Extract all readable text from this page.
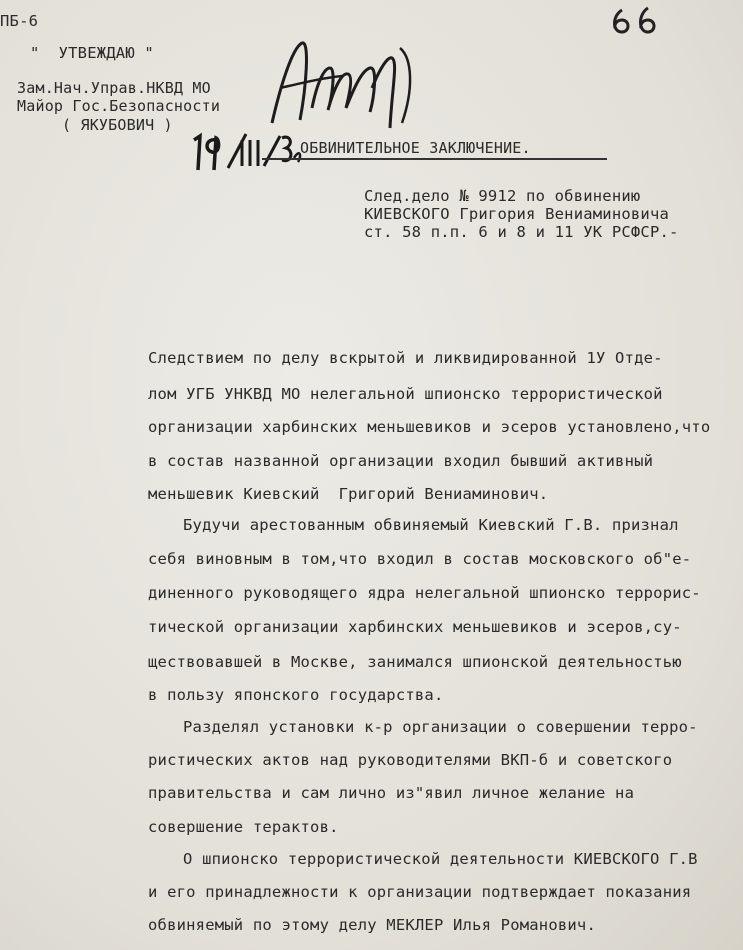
ПБ-6
"  УТВЕЖДАЮ "
Зам.Нач.Управ.НКВД МО
Майор Гос.Безопасности
( ЯКУБОВИЧ )
ОБВИНИТЕЛЬНОЕ ЗАКЛЮЧЕНИЕ.
След.дело № 9912 по обвинению
КИЕВСКОГО Григория Вениаминовича
ст. 58 п.п. 6 и 8 и 11 УК РСФСР.-
Следствием по делу вскрытой и ликвидированной 1У Отде-
лом УГБ УНКВД МО нелегальной шпионско террористической
организации харбинских меньшевиков и эсеров установлено,что
в состав названной организации входил бывший активный
меньшевик Киевский  Григорий Вениаминович.
Будучи арестованным обвиняемый Киевский Г.В. признал
себя виновным в том,что входил в состав московского об"е-
диненного руководящего ядра нелегальной шпионско террорис-
тической организации харбинских меньшевиков и эсеров,су-
ществовавшей в Москве, занимался шпионской деятельностью
в пользу японского государства.
Разделял установки к-р организации о совершении терро-
ристических актов над руководителями ВКП-б и советского
правительства и сам лично из"явил личное желание на
совершение терактов.
О шпионско террористической деятельности КИЕВСКОГО Г.В
и его принадлежности к организации подтверждает показания
обвиняемый по этому делу МЕКЛЕР Илья Романович.
